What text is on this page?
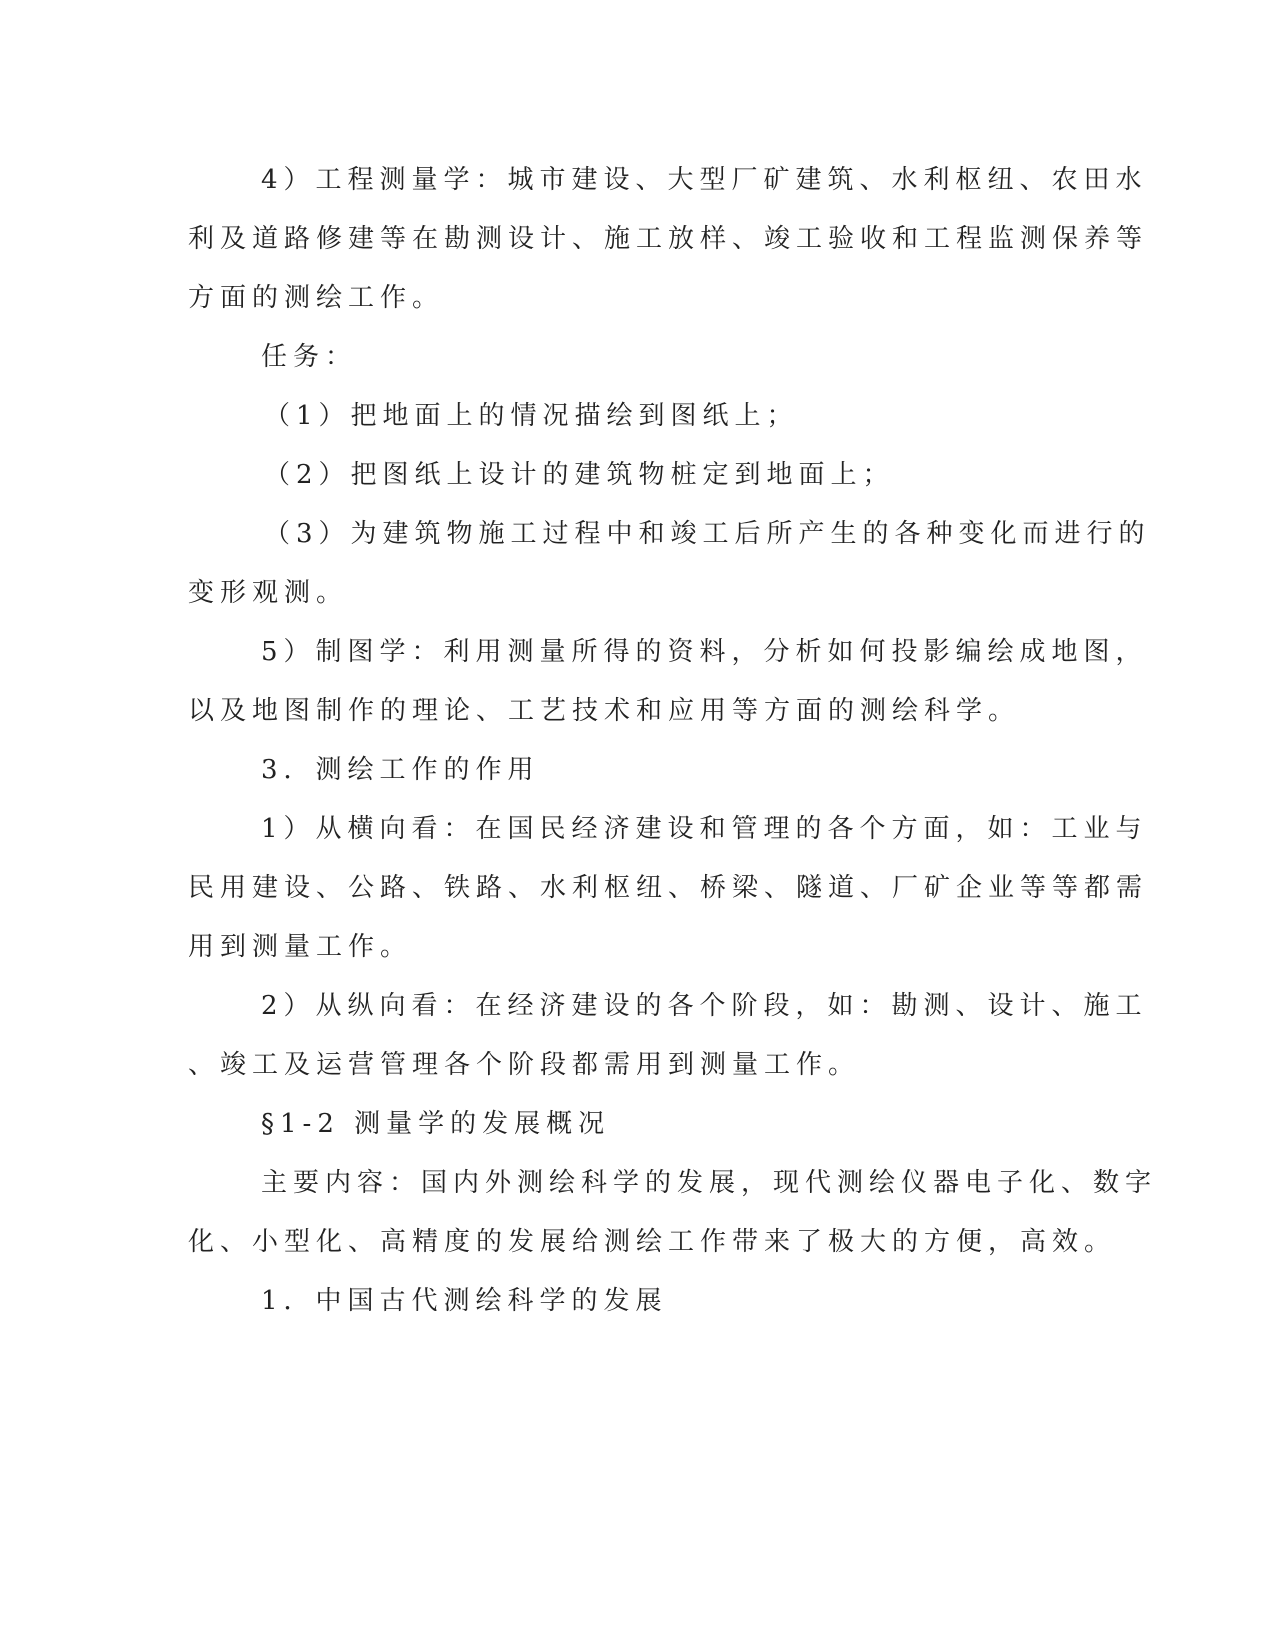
4）工程测量学：城市建设、大型厂矿建筑、水利枢纽、农田水
利及道路修建等在勘测设计、施工放样、竣工验收和工程监测保养等
方面的测绘工作。
任务：
（1）把地面上的情况描绘到图纸上；
（2）把图纸上设计的建筑物桩定到地面上；
（3）为建筑物施工过程中和竣工后所产生的各种变化而进行的
变形观测。
5）制图学：利用测量所得的资料，分析如何投影编绘成地图，
以及地图制作的理论、工艺技术和应用等方面的测绘科学。
3．测绘工作的作用
1）从横向看：在国民经济建设和管理的各个方面，如：工业与
民用建设、公路、铁路、水利枢纽、桥梁、隧道、厂矿企业等等都需
用到测量工作。
2）从纵向看：在经济建设的各个阶段，如：勘测、设计、施工
、竣工及运营管理各个阶段都需用到测量工作。
§1-2 测量学的发展概况
主要内容：国内外测绘科学的发展，现代测绘仪器电子化、数字
化、小型化、高精度的发展给测绘工作带来了极大的方便，高效。
1．中国古代测绘科学的发展
